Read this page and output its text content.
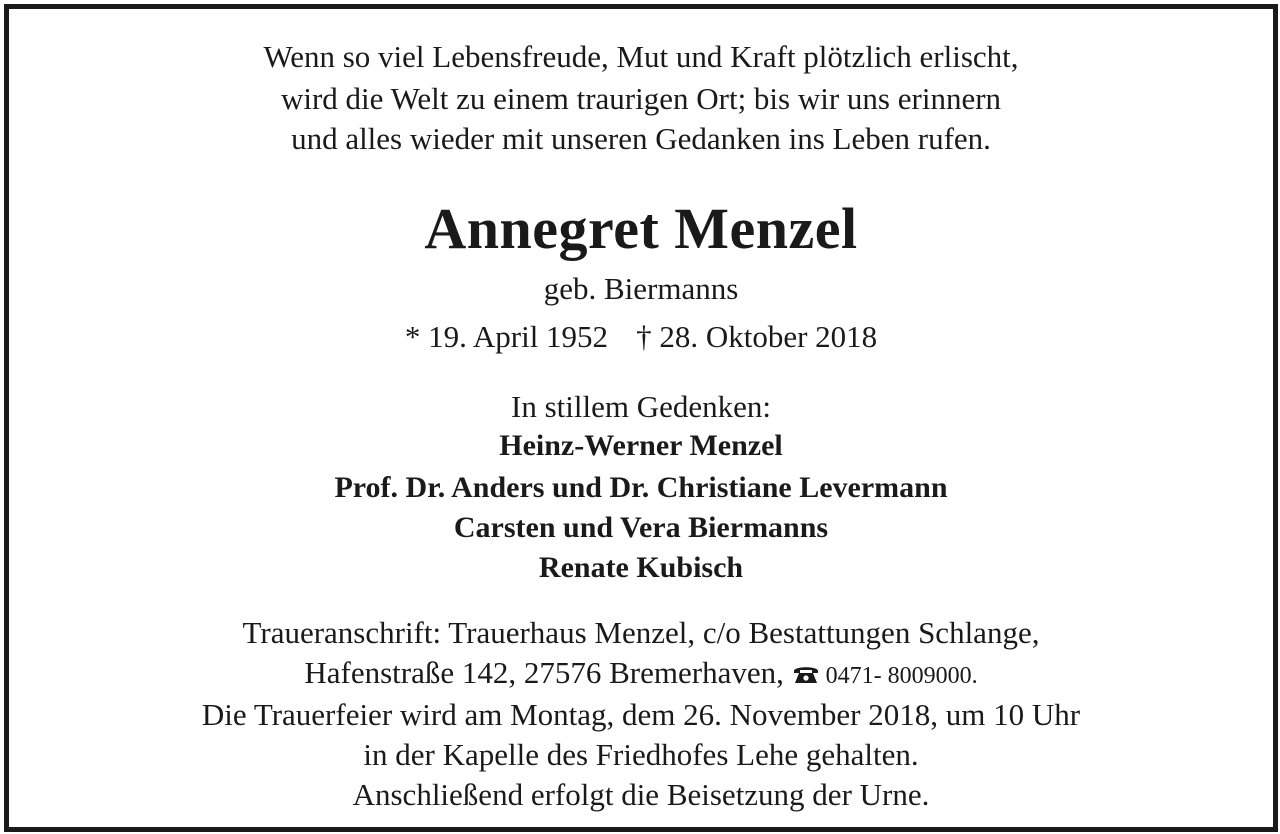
Wenn so viel Lebensfreude, Mut und Kraft plötzlich erlischt,
wird die Welt zu einem traurigen Ort; bis wir uns erinnern
und alles wieder mit unseren Gedanken ins Leben rufen.
Annegret Menzel
geb. Biermanns
* 19. April 1952 † 28. Oktober 2018
In stillem Gedenken:
Heinz-Werner Menzel
Prof. Dr. Anders und Dr. Christiane Levermann
Carsten und Vera Biermanns
Renate Kubisch
Traueranschrift: Trauerhaus Menzel, c/o Bestattungen Schlange,
Hafenstraße 142, 27576 Bremerhaven, 0471- 8009000.
Die Trauerfeier wird am Montag, dem 26. November 2018, um 10 Uhr
in der Kapelle des Friedhofes Lehe gehalten.
Anschließend erfolgt die Beisetzung der Urne.
